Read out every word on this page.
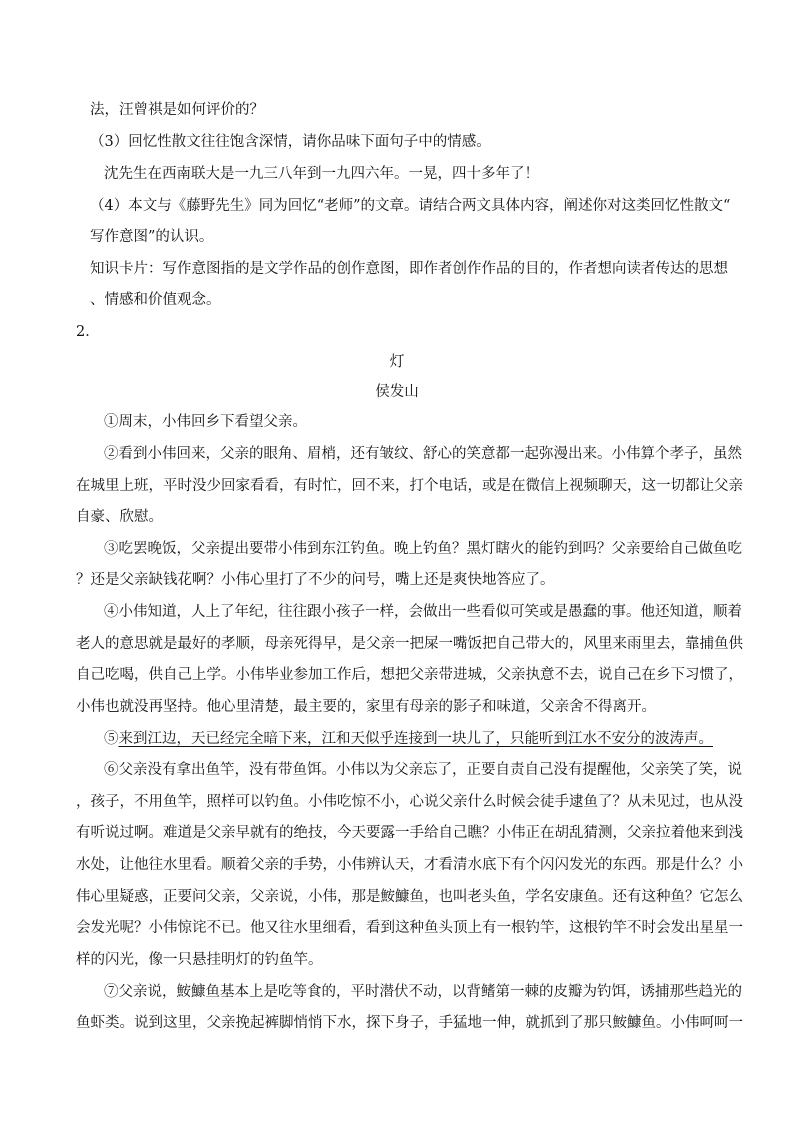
法，汪曾祺是如何评价的？
（3）回忆性散文往往饱含深情，请你品味下面句子中的情感。
沈先生在西南联大是一九三八年到一九四六年。一晃，四十多年了！
（4）本文与《藤野先生》同为回忆“老师”的文章。请结合两文具体内容，阐述你对这类回忆性散文“
写作意图”的认识。
知识卡片：写作意图指的是文学作品的创作意图，即作者创作作品的目的，作者想向读者传达的思想
、情感和价值观念。
2．
灯
侯发山
①周末，小伟回乡下看望父亲。
②看到小伟回来，父亲的眼角、眉梢，还有皱纹、舒心的笑意都一起弥漫出来。小伟算个孝子，虽然
在城里上班，平时没少回家看看，有时忙，回不来，打个电话，或是在微信上视频聊天，这一切都让父亲
自豪、欣慰。
③吃罢晚饭，父亲提出要带小伟到东江钓鱼。晚上钓鱼？黑灯瞎火的能钓到吗？父亲要给自己做鱼吃
？还是父亲缺钱花啊？小伟心里打了不少的问号，嘴上还是爽快地答应了。
④小伟知道，人上了年纪，往往跟小孩子一样，会做出一些看似可笑或是愚蠢的事。他还知道，顺着
老人的意思就是最好的孝顺，母亲死得早，是父亲一把屎一嘴饭把自己带大的，风里来雨里去，靠捕鱼供
自己吃喝，供自己上学。小伟毕业参加工作后，想把父亲带进城，父亲执意不去，说自己在乡下习惯了，
小伟也就没再坚持。他心里清楚，最主要的，家里有母亲的影子和味道，父亲舍不得离开。
⑤来到江边，天已经完全暗下来，江和天似乎连接到一块儿了，只能听到江水不安分的波涛声。
⑥父亲没有拿出鱼竿，没有带鱼饵。小伟以为父亲忘了，正要自责自己没有提醒他，父亲笑了笑，说
，孩子，不用鱼竿，照样可以钓鱼。小伟吃惊不小，心说父亲什么时候会徒手逮鱼了？从未见过，也从没
有听说过啊。难道是父亲早就有的绝技，今天要露一手给自己瞧？小伟正在胡乱猜测，父亲拉着他来到浅
水处，让他往水里看。顺着父亲的手势，小伟辨认天，才看清水底下有个闪闪发光的东西。那是什么？小
伟心里疑惑，正要问父亲，父亲说，小伟，那是鮟鱇鱼，也叫老头鱼，学名安康鱼。还有这种鱼？它怎么
会发光呢？小伟惊诧不已。他又往水里细看，看到这种鱼头顶上有一根钓竿，这根钓竿不时会发出星星一
样的闪光，像一只悬挂明灯的钓鱼竿。
⑦父亲说，鮟鱇鱼基本上是吃等食的，平时潜伏不动，以背鳍第一棘的皮瓣为钓饵，诱捕那些趋光的
鱼虾类。说到这里，父亲挽起裤脚悄悄下水，探下身子，手猛地一伸，就抓到了那只鮟鱇鱼。小伟呵呵一
